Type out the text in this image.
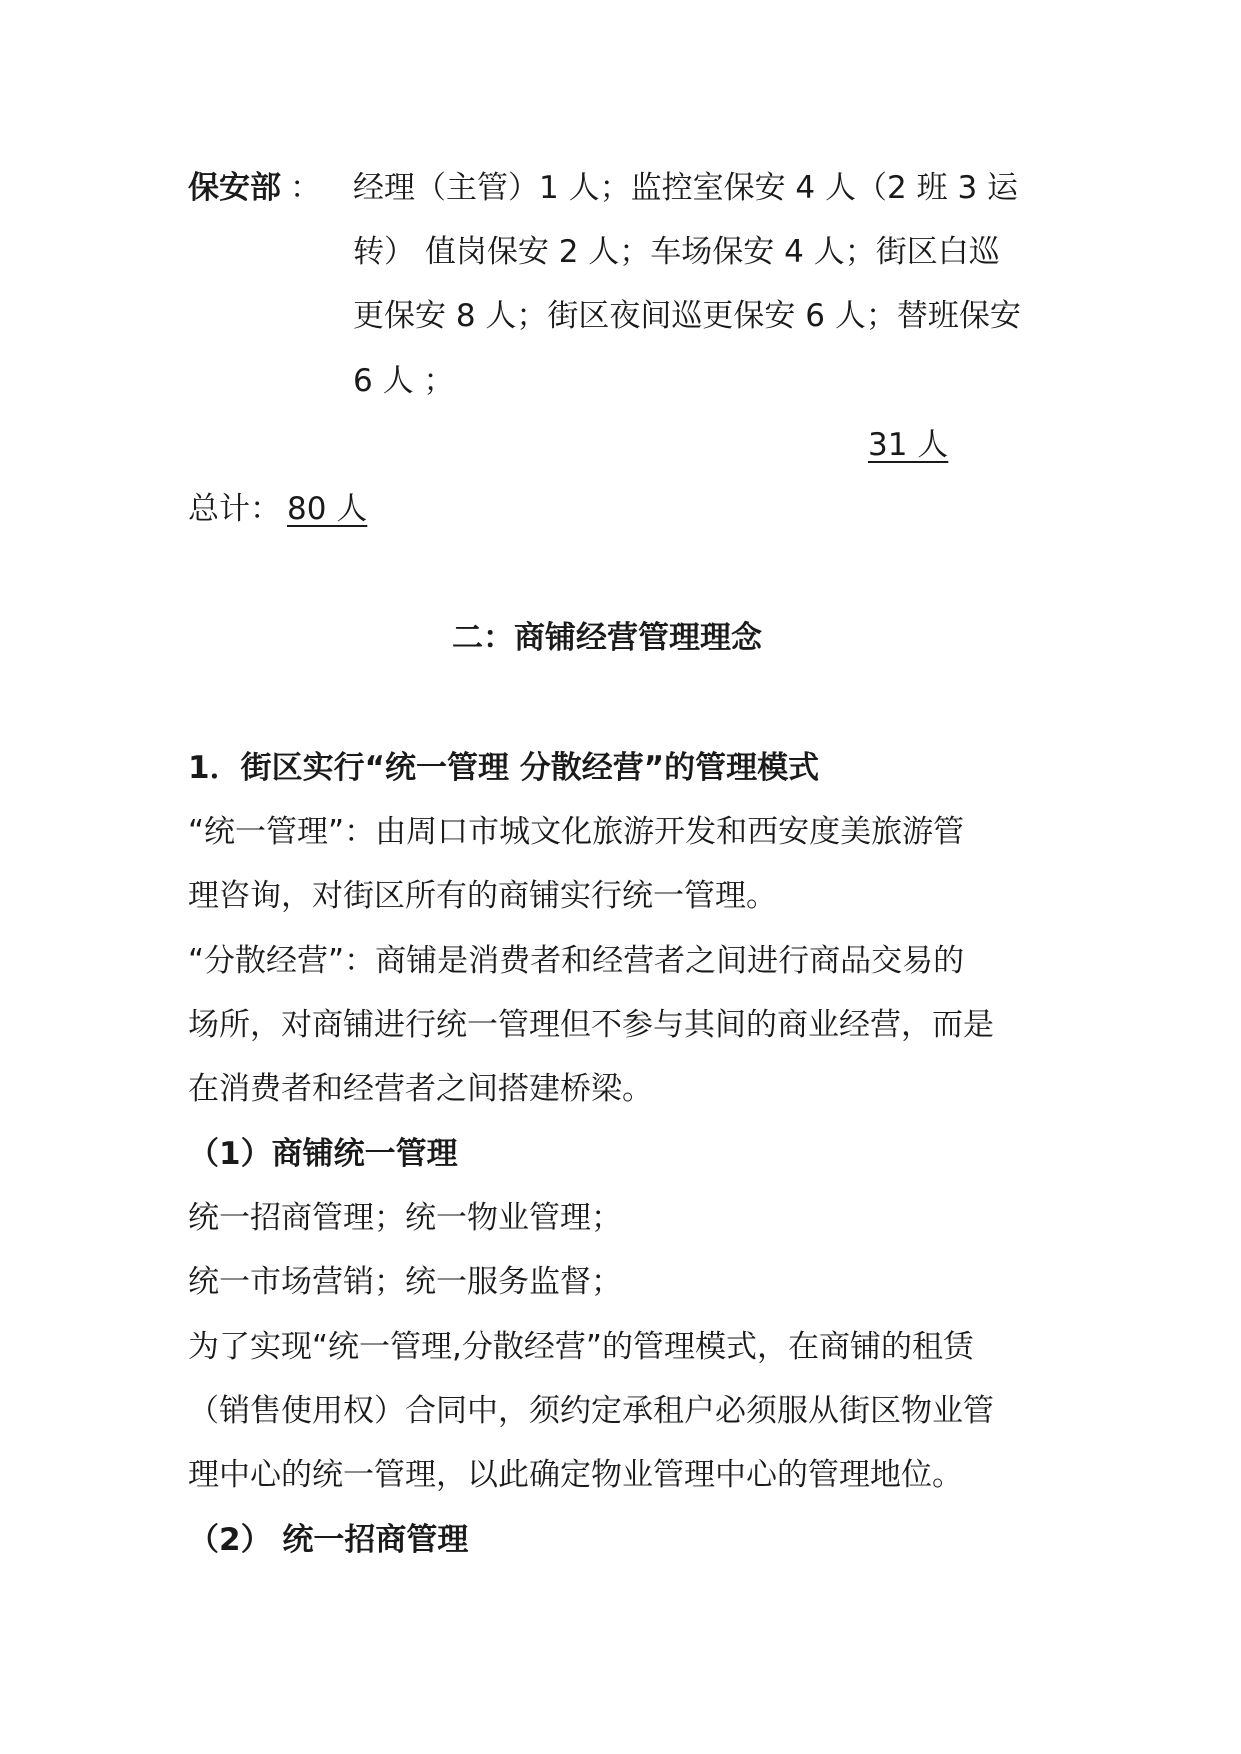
保安部 ： 经理（主管）1 人；监控室保安 4 人（2 班 3 运
转） 值岗保安 2 人；车场保安 4 人；街区白巡
更保安 8 人；街区夜间巡更保安 6 人；替班保安
6 人 ；
31 人
总计： 80 人
二：商铺经营管理理念
1．街区实行“统一管理 分散经营”的管理模式
“统一管理”：由周口市城文化旅游开发和西安度美旅游管
理咨询，对街区所有的商铺实行统一管理。
“分散经营”：商铺是消费者和经营者之间进行商品交易的
场所，对商铺进行统一管理但不参与其间的商业经营，而是
在消费者和经营者之间搭建桥梁。
（1）商铺统一管理
统一招商管理；统一物业管理；
统一市场营销；统一服务监督；
为了实现“统一管理,分散经营”的管理模式，在商铺的租赁
（销售使用权）合同中，须约定承租户必须服从街区物业管
理中心的统一管理，以此确定物业管理中心的管理地位。
（2） 统一招商管理
